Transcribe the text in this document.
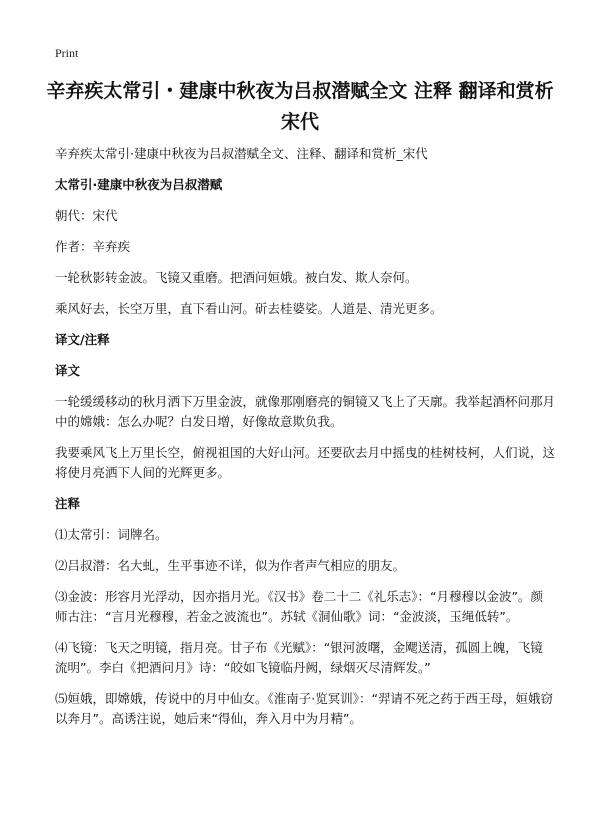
Print
辛弃疾太常引・建康中秋夜为吕叔潜赋全文 注释 翻译和赏析 宋代

辛弃疾太常引·建康中秋夜为吕叔潜赋全文、注释、翻译和赏析_宋代

太常引·建康中秋夜为吕叔潜赋

朝代：宋代

作者：辛弃疾

一轮秋影转金波。飞镜又重磨。把酒问姮娥。被白发、欺人奈何。

乘风好去，长空万里，直下看山河。斫去桂婆娑。人道是、清光更多。

译文/注释

译文

一轮缓缓移动的秋月洒下万里金波，就像那刚磨亮的铜镜又飞上了天廓。我举起酒杯问那月中的嫦娥：怎么办呢？白发日增，好像故意欺负我。

我要乘风飞上万里长空，俯视祖国的大好山河。还要砍去月中摇曳的桂树枝柯，人们说，这将使月亮洒下人间的光辉更多。

注释

⑴太常引：词牌名。

⑵吕叔潜：名大虬，生平事迹不详，似为作者声气相应的朋友。

⑶金波：形容月光浮动，因亦指月光。《汉书》卷二十二《礼乐志》：“月穆穆以金波”。颜师古注：“言月光穆穆，若金之波流也”。苏轼《洞仙歌》词：“金波淡，玉绳低转”。

⑷飞镜：飞天之明镜，指月亮。甘子布《光赋》：“银河波曙，金飔送清，孤圆上魄，飞镜流明”。李白《把酒问月》诗：“皎如飞镜临丹阙，绿烟灭尽清辉发。”

⑸姮娥，即嫦娥，传说中的月中仙女。《淮南子·览冥训》：“羿请不死之药于西王母，姮娥窃以奔月”。高诱注说，她后来“得仙，奔入月中为月精”。
